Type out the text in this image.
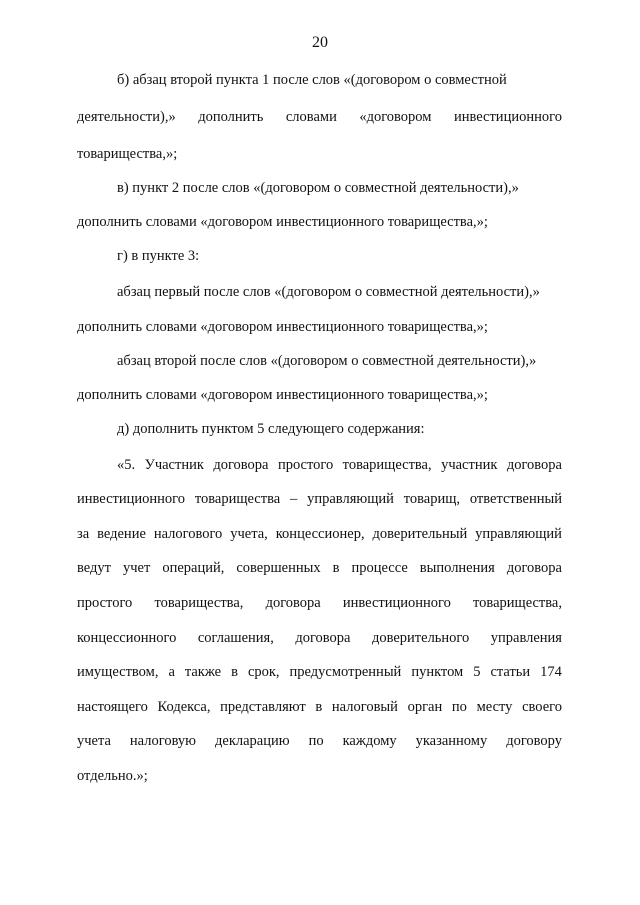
20
б) абзац второй пункта 1 после слов «(договором о совместной
деятельности),» дополнить словами «договором инвестиционного
товарищества,»;
в) пункт 2 после слов «(договором о совместной деятельности),»
дополнить словами «договором инвестиционного товарищества,»;
г) в пункте 3:
абзац первый после слов «(договором о совместной деятельности),»
дополнить словами «договором инвестиционного товарищества,»;
абзац второй после слов «(договором о совместной деятельности),»
дополнить словами «договором инвестиционного товарищества,»;
д) дополнить пунктом 5 следующего содержания:
«5. Участник договора простого товарищества, участник договора
инвестиционного товарищества – управляющий товарищ, ответственный
за ведение налогового учета, концессионер, доверительный управляющий
ведут учет операций, совершенных в процессе выполнения договора
простого товарищества, договора инвестиционного товарищества,
концессионного соглашения, договора доверительного управления
имуществом, а также в срок, предусмотренный пунктом 5 статьи 174
настоящего Кодекса, представляют в налоговый орган по месту своего
учета налоговую декларацию по каждому указанному договору
отдельно.»;
